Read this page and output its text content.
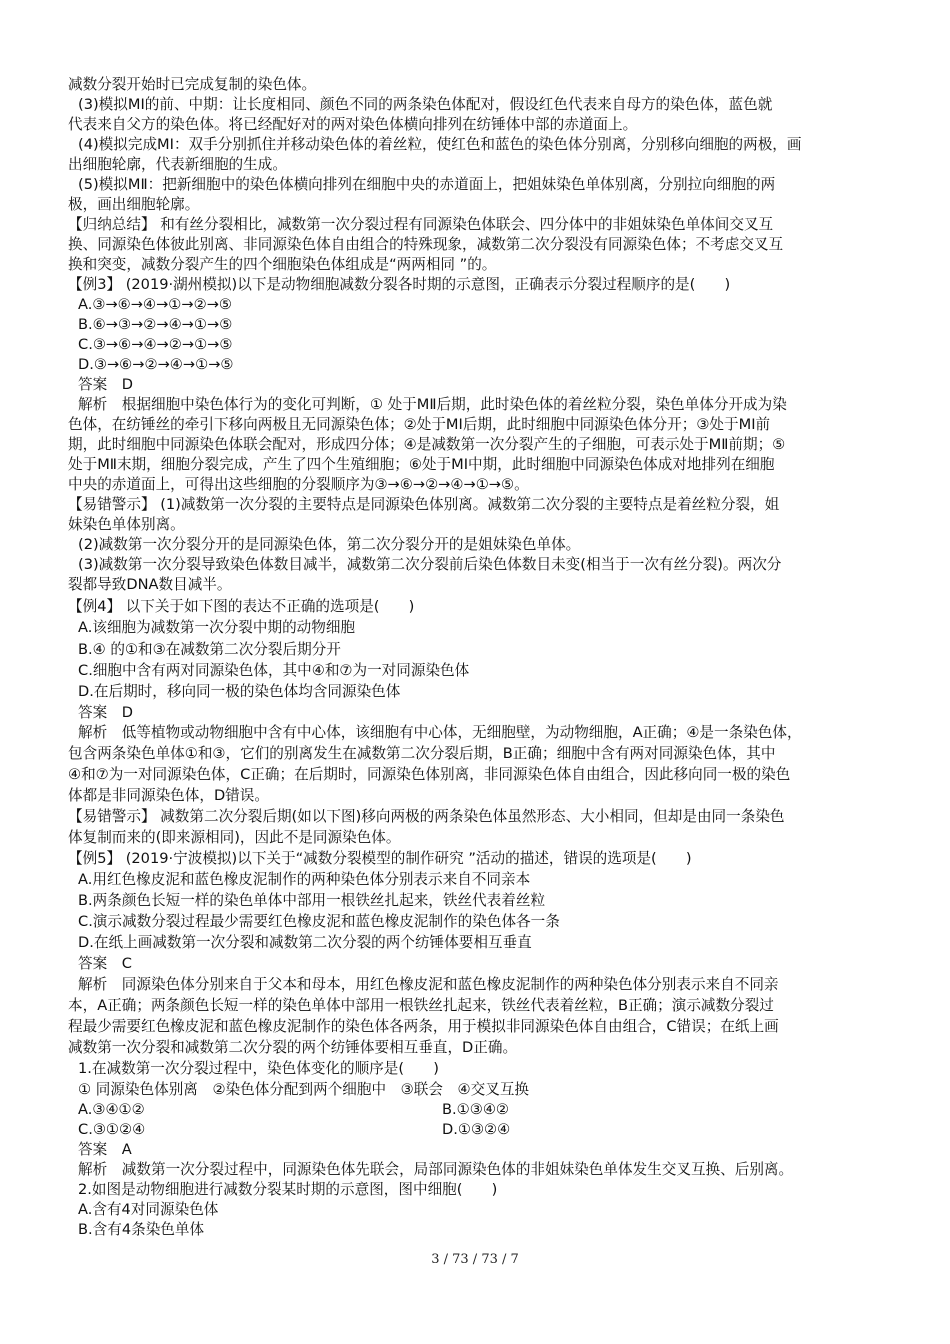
减数分裂开始时已完成复制的染色体。
(3)模拟MⅠ的前、中期：让长度相同、颜色不同的两条染色体配对，假设红色代表来自母方的染色体，蓝色就
代表来自父方的染色体。将已经配好对的两对染色体横向排列在纺锤体中部的赤道面上。
(4)模拟完成MⅠ：双手分别抓住并移动染色体的着丝粒，使红色和蓝色的染色体分别离，分别移向细胞的两极，画
出细胞轮廓，代表新细胞的生成。
(5)模拟MⅡ：把新细胞中的染色体横向排列在细胞中央的赤道面上，把姐妹染色单体别离，分别拉向细胞的两
极，画出细胞轮廓。
【归纳总结】 和有丝分裂相比，减数第一次分裂过程有同源染色体联会、四分体中的非姐妹染色单体间交叉互
换、同源染色体彼此别离、非同源染色体自由组合的特殊现象，减数第二次分裂没有同源染色体；不考虑交叉互
换和突变，减数分裂产生的四个细胞染色体组成是“两两相同 ”的。
【例3】 (2019·湖州模拟)以下是动物细胞减数分裂各时期的示意图，正确表示分裂过程顺序的是(　　)
A.③→⑥→④→①→②→⑤
B.⑥→③→②→④→①→⑤
C.③→⑥→④→②→①→⑤
D.③→⑥→②→④→①→⑤
答案　D
解析　根据细胞中染色体行为的变化可判断，① 处于MⅡ后期，此时染色体的着丝粒分裂，染色单体分开成为染
色体，在纺锤丝的牵引下移向两极且无同源染色体；②处于MⅠ后期，此时细胞中同源染色体分开；③处于MⅠ前
期，此时细胞中同源染色体联会配对，形成四分体；④是减数第一次分裂产生的子细胞，可表示处于MⅡ前期；⑤
处于MⅡ末期，细胞分裂完成，产生了四个生殖细胞；⑥处于MⅠ中期，此时细胞中同源染色体成对地排列在细胞
中央的赤道面上，可得出这些细胞的分裂顺序为③→⑥→②→④→①→⑤。
【易错警示】 (1)减数第一次分裂的主要特点是同源染色体别离。减数第二次分裂的主要特点是着丝粒分裂，姐
妹染色单体别离。
(2)减数第一次分裂分开的是同源染色体，第二次分裂分开的是姐妹染色单体。
(3)减数第一次分裂导致染色体数目减半，减数第二次分裂前后染色体数目未变(相当于一次有丝分裂)。两次分
裂都导致DNA数目减半。
【例4】 以下关于如下图的表达不正确的选项是(　　)
A.该细胞为减数第一次分裂中期的动物细胞
B.④ 的①和③在减数第二次分裂后期分开
C.细胞中含有两对同源染色体，其中④和⑦为一对同源染色体
D.在后期时，移向同一极的染色体均含同源染色体
答案　D
解析　低等植物或动物细胞中含有中心体，该细胞有中心体，无细胞壁，为动物细胞，A正确；④是一条染色体，
包含两条染色单体①和③，它们的别离发生在减数第二次分裂后期，B正确；细胞中含有两对同源染色体，其中
④和⑦为一对同源染色体，C正确；在后期时，同源染色体别离，非同源染色体自由组合，因此移向同一极的染色
体都是非同源染色体，D错误。
【易错警示】 减数第二次分裂后期(如以下图)移向两极的两条染色体虽然形态、大小相同，但却是由同一条染色
体复制而来的(即来源相同)，因此不是同源染色体。
【例5】 (2019·宁波模拟)以下关于“减数分裂模型的制作研究 ”活动的描述，错误的选项是(　　)
A.用红色橡皮泥和蓝色橡皮泥制作的两种染色体分别表示来自不同亲本
B.两条颜色长短一样的染色单体中部用一根铁丝扎起来，铁丝代表着丝粒
C.演示减数分裂过程最少需要红色橡皮泥和蓝色橡皮泥制作的染色体各一条
D.在纸上画减数第一次分裂和减数第二次分裂的两个纺锤体要相互垂直
答案　C
解析　同源染色体分别来自于父本和母本，用红色橡皮泥和蓝色橡皮泥制作的两种染色体分别表示来自不同亲
本，A正确；两条颜色长短一样的染色单体中部用一根铁丝扎起来，铁丝代表着丝粒，B正确；演示减数分裂过
程最少需要红色橡皮泥和蓝色橡皮泥制作的染色体各两条，用于模拟非同源染色体自由组合，C错误；在纸上画
减数第一次分裂和减数第二次分裂的两个纺锤体要相互垂直，D正确。
1.在减数第一次分裂过程中，染色体变化的顺序是(　　)
① 同源染色体别离　②染色体分配到两个细胞中　③联会　④交叉互换
A.③④①②	B.①③④②
C.③①②④	D.①③②④
答案　A
解析　减数第一次分裂过程中，同源染色体先联会，局部同源染色体的非姐妹染色单体发生交叉互换、后别离。
2.如图是动物细胞进行减数分裂某时期的示意图，图中细胞(　　)
A.含有4对同源染色体
B.含有4条染色单体
3 / 73 / 73 / 7
